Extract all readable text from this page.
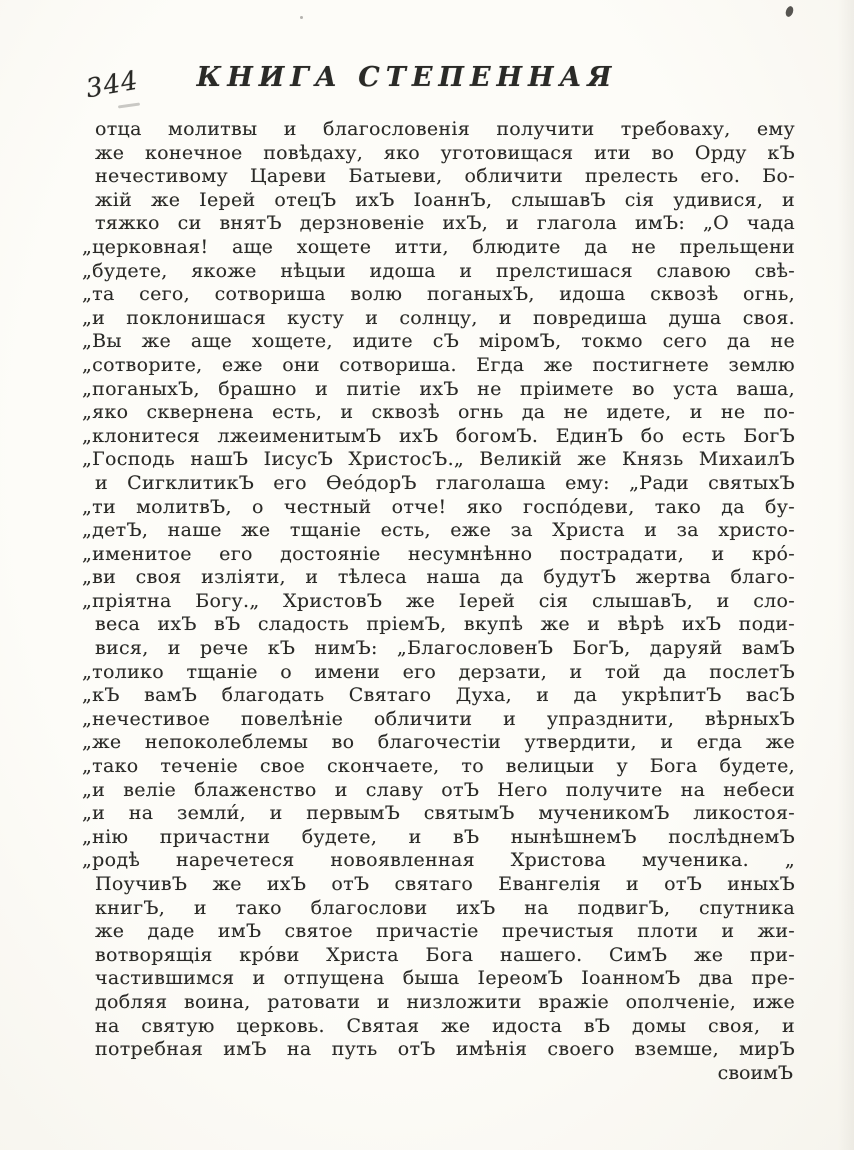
344	КНИГА СТЕПЕННАЯ
отца молитвы и благословенія получити требоваху, ему
же конечное повѣдаху, яко уготовищася ити во Орду кЪ
нечестивому Цареви Батыеви, обличити прелесть его. Бо-
жій же Іерей отецЪ ихЪ ІоаннЪ, слышавЪ сія удивися, и
тяжко си внятЪ дерзновеніе ихЪ, и глагола имЪ: „О чада
„церковная! аще хощете итти, блюдите да не прельщени
„будете, якоже нѣцыи идоша и прелстишася славою свѣ-
„та сего, сотвориша волю поганыхЪ, идоша сквозѣ огнь,
„и поклонишася кусту и солнцу, и повредиша душа своя.
„Вы же аще хощете, идите сЪ міромЪ, токмо сего да не
„сотворите, еже они сотвориша. Егда же постигнете землю
„поганыхЪ, брашно и питіе ихЪ не пріимете во уста ваша,
„яко сквернена есть, и сквозѣ огнь да не идете, и не по-
„клонитеся лжеименитымЪ ихЪ богомЪ. ЕдинЪ бо есть БогЪ
„Господь нашЪ ІисусЪ ХристосЪ.„ Великій же Князь МихаилЪ
и СигклитикЪ его Ѳео́дорЪ глаголаша ему: „Ради святыхЪ
„ти молитвЪ, о честный отче! яко госпо́деви, тако да бу-
„детЪ, наше же тщаніе есть, еже за Христа и за христо-
„именитое его достояніе несумнѣнно пострадати, и кро́-
„ви своя изліяти, и тѣлеса наша да будутЪ жертва благо-
„пріятна Богу.„ ХристовЪ же Іерей сія слышавЪ, и сло-
веса ихЪ вЪ сладость пріемЪ, вкупѣ же и вѣрѣ ихЪ поди-
вися, и рече кЪ нимЪ: „БлагословенЪ БогЪ, даруяй вамЪ
„толико тщаніе о имени его дерзати, и той да послетЪ
„кЪ вамЪ благодать Святаго Духа, и да укрѣпитЪ васЪ
„нечестивое повелѣніе обличити и упразднити, вѣрныхЪ
„же непоколеблемы во благочестіи утвердити, и егда же
„тако теченіе свое скончаете, то велицыи у Бога будете,
„и веліе блаженство и славу отЪ Него получите на небеси
„и на земли́, и первымЪ святымЪ мученикомЪ ликостоя-
„нію причастни будете, и вЪ нынѣшнемЪ послѣднемЪ
„родѣ наречетеся новоявленная Христова мученика. „
ПоучивЪ же ихЪ отЪ святаго Евангелія и отЪ иныхЪ
книгЪ, и тако благослови ихЪ на подвигЪ, спутника
же даде имЪ святое причастіе пречистыя плоти и жи-
вотворящія кро́ви Христа Бога нашего. СимЪ же при-
частившимся и отпущена быша ІереомЪ ІоанномЪ два пре-
добляя воина, ратовати и низложити вражіе ополченіе, иже
на святую церковь. Святая же идоста вЪ домы своя, и
потребная имЪ на путь отЪ имѣнія своего вземше, мирЪ
своимЪ
